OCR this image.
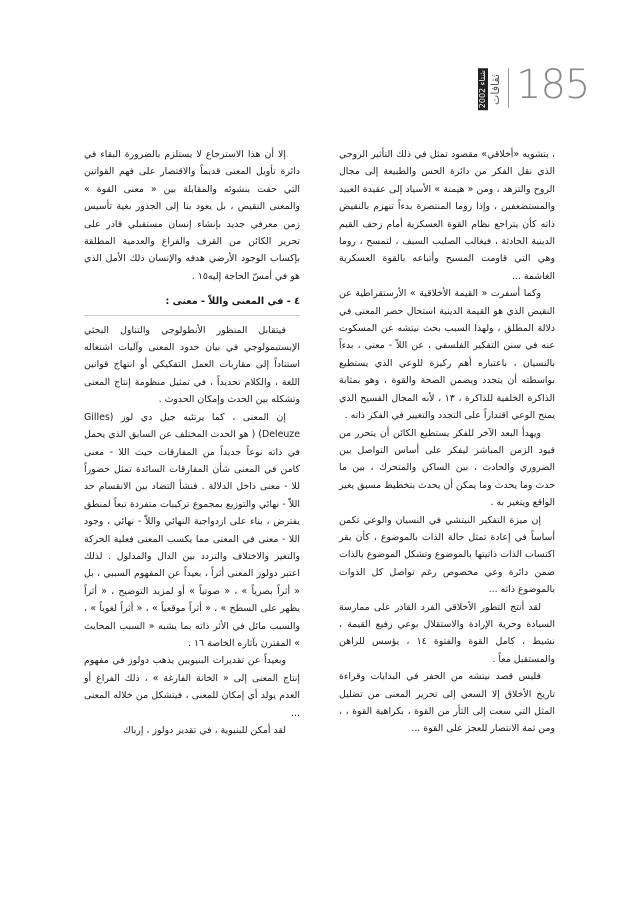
شتاء 2002 ثقافات 185

، بتشويه «أخلاقي» مقصود تمثل في ذلك التأثير الروحي الذي نقل الفكر من دائرة الحس والطبيعة إلى مجال الروح والتزهد ، ومن « هيمنة » الأسياد إلى عقيدة العبيد والمستضعفين ، وإذا روما المنتصرة بدءاً تنهزم بالنقيض ذاته كأن يتراجع نظام القوة العسكرية أمام زحف القيم الدينية الحادثة ، فيغالب الصليب السيف ، لتمسح ، روما وهي التي قاومت المسيح وأتباعه بالقوة العسكرية الغاشمة ...

وكما أسفرت « القيمة الأخلاقية » الأرستقراطية عن النقيض الذي هو القيمة الدينية استحال حصر المعنى في دلالة المطلق ، ولهذا السبب بحث نيتشه عن المسكوت عنه في سنن التفكير الفلسفي ، عن اللاّ - معنى ، بدءاً بالنسيان ، باعتباره أهم ركيزة للوعي الذي يستطيع بواسطته أن يتجدد ويضمن الصحة والقوة ، وهو بمثابة الذاكرة الخلفية للذاكرة ، ١٣ ، لأنه المجال الفسيح الذي يمنح الوعي اقتداراً على التجدد والتغيير في الفكر ذاته .

ويهدأ البعد الآخر للفكر يستطيع الكائن أن يتحرر من قيود الزمن المباشر ليفكر على أساس التواصل بين الضروري والحادث ، بين الساكن والمتحرك ، بين ما حدث وما يحدث وما يمكن أن يحدث بتخطيط مسبق يغير الواقع ويتغير به .

إن ميزة التفكير النيتشي في النسيان والوعي تكمن أساساً في إعادة تمثل حالة الذات بالموضوع ، كأن يقر اكتساب الذات ذاتيتها بالموضوع وتشكل الموضوع بالذات ضمن دائرة وعي مخصوص رغم تواصل كل الذوات بالموضوع ذاته ...

لقد أنتج التطور الأخلاقي الفرد القادر على ممارسة السيادة وحرية الإرادة والاستقلال بوعي رفيع القيمة ، نشيط ، كامل القوة والفتوة ١٤ ، يؤسس للراهن والمستقبل معاً .

فليس قصد نيتشه من الحفر في البدايات وقراءة تاريخ الأخلاق إلا السعي إلى تحرير المعنى من تضليل المثل التي سعت إلى الثأر من القوة ، بكراهية القوة ، ، ومن ثمة الانتصار للعجز على القوة ...

إلا أن هذا الاسترجاع لا يستلزم بالضرورة البقاء في دائرة تأويل المعنى قديماً والاقتصار على فهم القوانين التي حفت بنشوئه والمقابلة بين « معنى القوة » والمعنى النقيض ، بل يعود بنا إلى الجذور بغية تأسيس زمن معرفي جديد بإنشاء إنسان مستقبلي قادر على تحرير الكائن من القرف والفراغ والعدمية المطلقة بإكساب الوجود الأرضي هدفه والإنسان ذلك الأمل الذي هو في أمسّ الحاجة إليه١٥ .

٤ - في المعنى واللاّ - معنى :

فيتقابل المنظور الأنطولوجي والتناول البحثي الإبستيمولوجي في بيان حدود المعنى وآليات اشتغاله استناداً إلى مقاربات العمل التفكيكي أو انتهاج قوانين اللغة ، والكلام تحديداً ، في تمثيل منظومة إنتاج المعنى وتشكله بين الحدث وإمكان الحدوث .

إن المعنى ، كما يرتئيه جيل دي لوز (Gilles Deleuze) ( هو الحدث المختلف عن السابق الذي يحمل في ذاته نوعاً جديداً من المفارقات حيث اللا - معنى كامن في المعنى شأن المفارقات السائدة تمثل حضوراً للا - معنى داخل الدلالة . فنشأ التضاد بين الانقسام حد اللاّ - نهائي والتوزيع بمجموع تركيبات متفردة تبعاً لمنطق يفترض ، بناء على ازدواجية النهائي واللاّ - نهائي ، وجود اللا - معنى في المعنى مما يكسب المعنى فعلية الحركة والتغير والاختلاف والتردد بين الدال والمدلول . لذلك اعتبر دولوز المعنى أثراً ، بعيداً عن المفهوم السببي ، بل « أثراً بصرياً » ، « صوتياً » أو لمزيد التوضيح ، « أثراً يظهر على السطح » ، « أثراً موقعياً » ، « أثراً لغوياً » ، والسبب مائل في الأثر ذاته بما يشبه « السبب المحايث » المقترن بآثاره الخاصة ١٦ .

وبعيداً عن تقديرات البنيويين يذهب دولوز في مفهوم إنتاج المعنى إلى « الخانة الفارغة » ، ذلك الفراغ أو العدم يولد أي إمكان للمعنى ، فيتشكل من خلاله المعنى ...

لقد أمكن للبنيوية ، في تقدير دولوز ، إرباك
